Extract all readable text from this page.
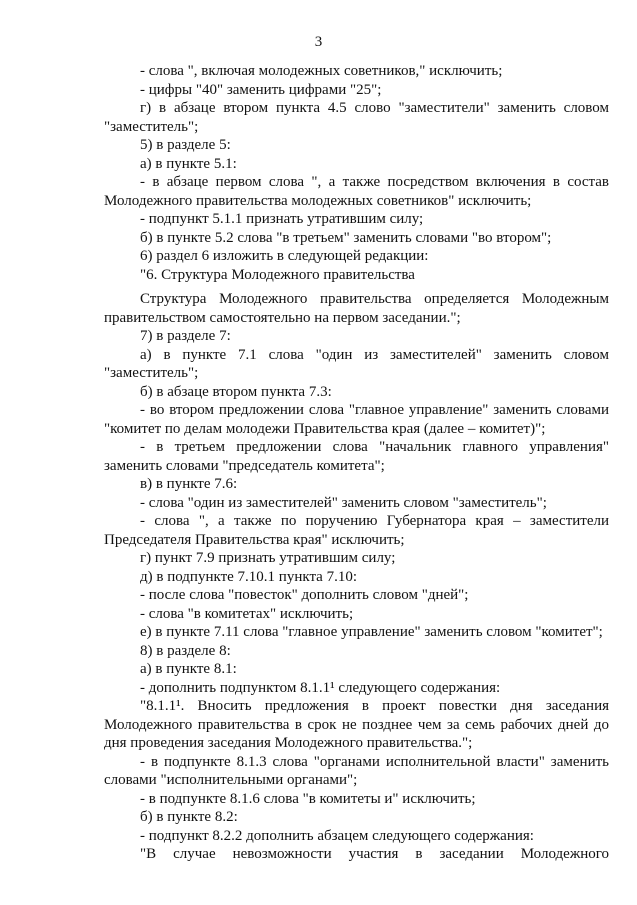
3

- слова ", включая молодежных советников," исключить;

- цифры "40" заменить цифрами "25";

г) в абзаце втором пункта 4.5 слово "заместители" заменить словом "заместитель";

5) в разделе 5:

а) в пункте 5.1:

- в абзаце первом слова ", а также посредством включения в состав Молодежного правительства молодежных советников" исключить;

- подпункт 5.1.1 признать утратившим силу;

б) в пункте 5.2 слова "в третьем" заменить словами "во втором";

6) раздел 6 изложить в следующей редакции:

"6. Структура Молодежного правительства

Структура Молодежного правительства определяется Молодежным правительством самостоятельно на первом заседании.";

7) в разделе 7:

а) в пункте 7.1 слова "один из заместителей" заменить словом "заместитель";

б) в абзаце втором пункта 7.3:

- во втором предложении слова "главное управление" заменить словами "комитет по делам молодежи Правительства края (далее – комитет)";

- в третьем предложении слова "начальник главного управления" заменить словами "председатель комитета";

в) в пункте 7.6:

- слова "один из заместителей" заменить словом "заместитель";

- слова ", а также по поручению Губернатора края – заместители Председателя Правительства края" исключить;

г) пункт 7.9 признать утратившим силу;

д) в подпункте 7.10.1 пункта 7.10:

- после слова "повесток" дополнить словом "дней";

- слова "в комитетах" исключить;

е) в пункте 7.11 слова "главное управление" заменить словом "комитет";

8) в разделе 8:

а) в пункте 8.1:

- дополнить подпунктом 8.1.1¹ следующего содержания:

"8.1.1¹. Вносить предложения в проект повестки дня заседания Молодежного правительства в срок не позднее чем за семь рабочих дней до дня проведения заседания Молодежного правительства.";

- в подпункте 8.1.3 слова "органами исполнительной власти" заменить словами "исполнительными органами";

- в подпункте 8.1.6 слова "в комитеты и" исключить;

б) в пункте 8.2:

- подпункт 8.2.2 дополнить абзацем следующего содержания:

"В случае невозможности участия в заседании Молодежного
